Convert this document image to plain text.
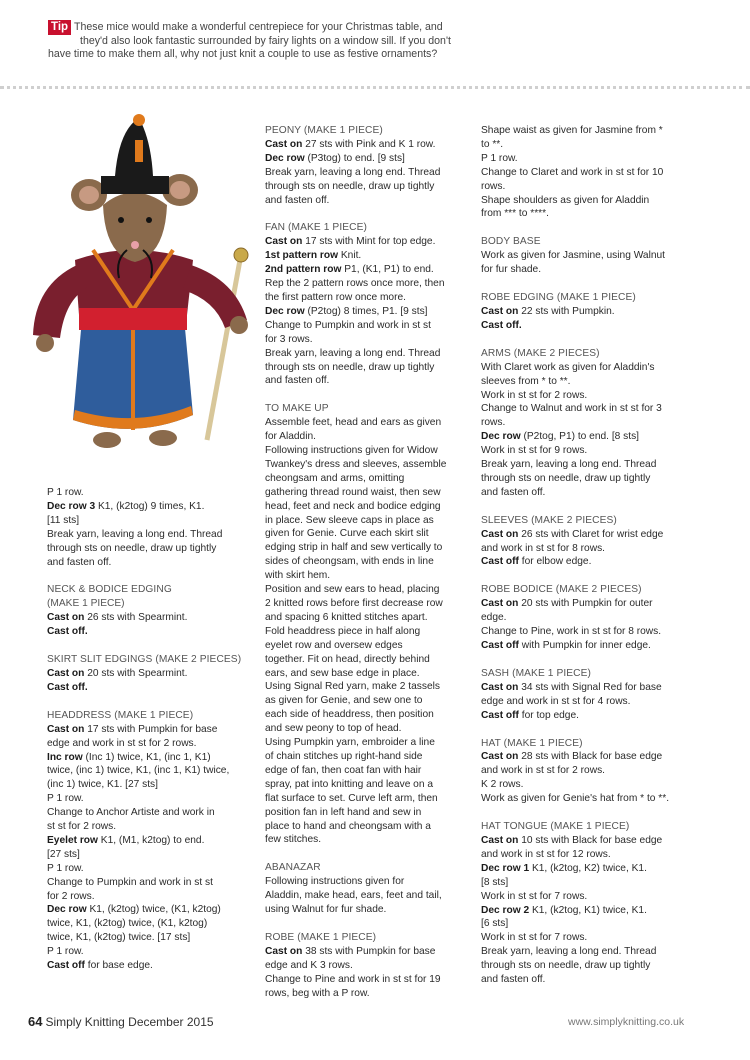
Tip These mice would make a wonderful centrepiece for your Christmas table, and
they'd also look fantastic surrounded by fairy lights on a window sill. If you don't
have time to make them all, why not just knit a couple to use as festive ornaments?
P 1 row.
Dec row 3 K1, (k2tog) 9 times, K1.
[11 sts]
Break yarn, leaving a long end. Thread
through sts on needle, draw up tightly
and fasten off.
NECK & BODICE EDGING
(MAKE 1 PIECE)
Cast on 26 sts with Spearmint.
Cast off.
SKIRT SLIT EDGINGS (MAKE 2 PIECES)
Cast on 20 sts with Spearmint.
Cast off.
HEADDRESS (MAKE 1 PIECE)
Cast on 17 sts with Pumpkin for base
edge and work in st st for 2 rows.
Inc row (Inc 1) twice, K1, (inc 1, K1)
twice, (inc 1) twice, K1, (inc 1, K1) twice,
(inc 1) twice, K1. [27 sts]
P 1 row.
Change to Anchor Artiste and work in
st st for 2 rows.
Eyelet row K1, (M1, k2tog) to end.
[27 sts]
P 1 row.
Change to Pumpkin and work in st st
for 2 rows.
Dec row K1, (k2tog) twice, (K1, k2tog)
twice, K1, (k2tog) twice, (K1, k2tog)
twice, K1, (k2tog) twice. [17 sts]
P 1 row.
Cast off for base edge.
PEONY (MAKE 1 PIECE)
Cast on 27 sts with Pink and K 1 row.
Dec row (P3tog) to end. [9 sts]
Break yarn, leaving a long end. Thread
through sts on needle, draw up tightly
and fasten off.
FAN (MAKE 1 PIECE)
Cast on 17 sts with Mint for top edge.
1st pattern row Knit.
2nd pattern row P1, (K1, P1) to end.
Rep the 2 pattern rows once more, then
the first pattern row once more.
Dec row (P2tog) 8 times, P1. [9 sts]
Change to Pumpkin and work in st st
for 3 rows.
Break yarn, leaving a long end. Thread
through sts on needle, draw up tightly
and fasten off.
TO MAKE UP
Assemble feet, head and ears as given
for Aladdin.
Following instructions given for Widow
Twankey's dress and sleeves, assemble
cheongsam and arms, omitting
gathering thread round waist, then sew
head, feet and neck and bodice edging
in place. Sew sleeve caps in place as
given for Genie. Curve each skirt slit
edging strip in half and sew vertically to
sides of cheongsam, with ends in line
with skirt hem.
Position and sew ears to head, placing
2 knitted rows before first decrease row
and spacing 6 knitted stitches apart.
Fold headdress piece in half along
eyelet row and oversew edges
together. Fit on head, directly behind
ears, and sew base edge in place.
Using Signal Red yarn, make 2 tassels
as given for Genie, and sew one to
each side of headdress, then position
and sew peony to top of head.
Using Pumpkin yarn, embroider a line
of chain stitches up right-hand side
edge of fan, then coat fan with hair
spray, pat into knitting and leave on a
flat surface to set. Curve left arm, then
position fan in left hand and sew in
place to hand and cheongsam with a
few stitches.
ABANAZAR
Following instructions given for
Aladdin, make head, ears, feet and tail,
using Walnut for fur shade.
ROBE (MAKE 1 PIECE)
Cast on 38 sts with Pumpkin for base
edge and K 3 rows.
Change to Pine and work in st st for 19
rows, beg with a P row.
Shape waist as given for Jasmine from *
to **.
P 1 row.
Change to Claret and work in st st for 10
rows.
Shape shoulders as given for Aladdin
from *** to ****.
BODY BASE
Work as given for Jasmine, using Walnut
for fur shade.
ROBE EDGING (MAKE 1 PIECE)
Cast on 22 sts with Pumpkin.
Cast off.
ARMS (MAKE 2 PIECES)
With Claret work as given for Aladdin's
sleeves from * to **.
Work in st st for 2 rows.
Change to Walnut and work in st st for 3
rows.
Dec row (P2tog, P1) to end. [8 sts]
Work in st st for 9 rows.
Break yarn, leaving a long end. Thread
through sts on needle, draw up tightly
and fasten off.
SLEEVES (MAKE 2 PIECES)
Cast on 26 sts with Claret for wrist edge
and work in st st for 8 rows.
Cast off for elbow edge.
ROBE BODICE (MAKE 2 PIECES)
Cast on 20 sts with Pumpkin for outer
edge.
Change to Pine, work in st st for 8 rows.
Cast off with Pumpkin for inner edge.
SASH (MAKE 1 PIECE)
Cast on 34 sts with Signal Red for base
edge and work in st st for 4 rows.
Cast off for top edge.
HAT (MAKE 1 PIECE)
Cast on 28 sts with Black for base edge
and work in st st for 2 rows.
K 2 rows.
Work as given for Genie's hat from * to **.
HAT TONGUE (MAKE 1 PIECE)
Cast on 10 sts with Black for base edge
and work in st st for 12 rows.
Dec row 1 K1, (k2tog, K2) twice, K1.
[8 sts]
Work in st st for 7 rows.
Dec row 2 K1, (k2tog, K1) twice, K1.
[6 sts]
Work in st st for 7 rows.
Break yarn, leaving a long end. Thread
through sts on needle, draw up tightly
and fasten off.
64 Simply Knitting December 2015	www.simplyknitting.co.uk
